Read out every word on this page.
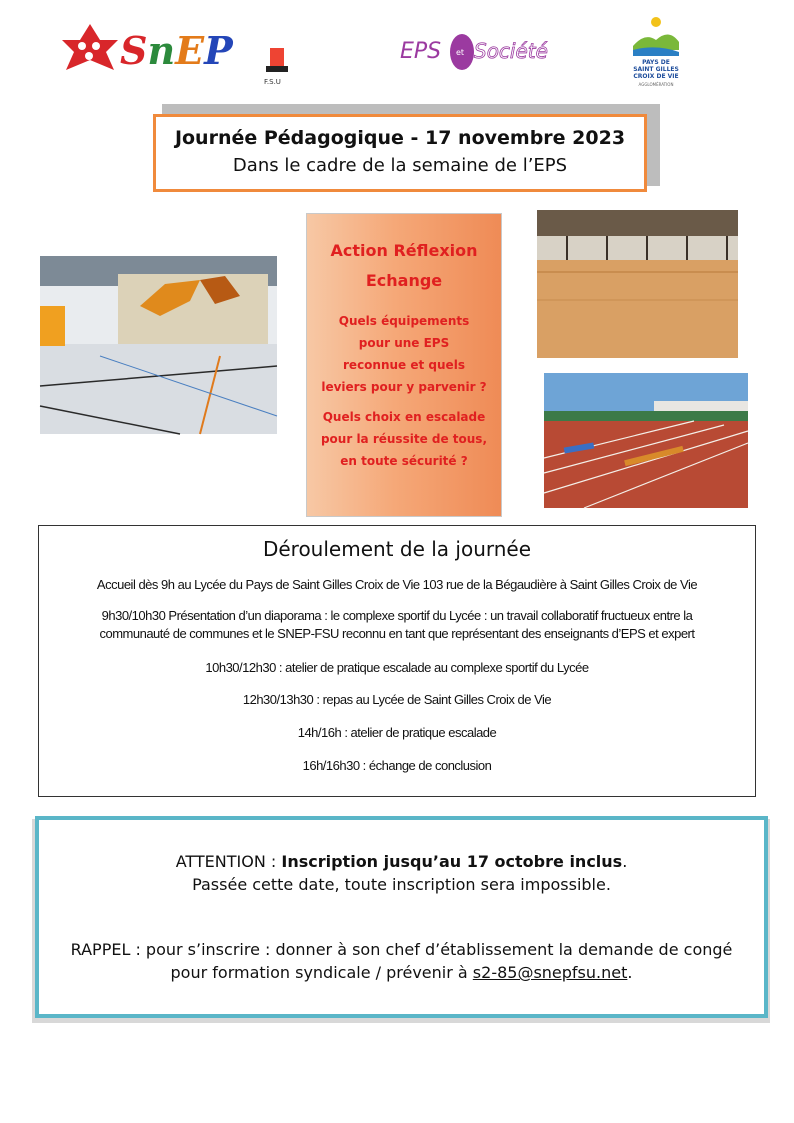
SnEP
F.S.U
EPS et Société	PAYS DE
SAINT GILLES
CROIX DE VIE
AGGLOMÉRATION
Journée Pédagogique - 17 novembre 2023
Dans le cadre de la semaine de l’EPS
Action Réflexion
Echange
Quels équipements
pour une EPS
reconnue et quels
leviers pour y parvenir ?
Quels choix en escalade
pour la réussite de tous,
en toute sécurité ?
Déroulement de la journée
Accueil dès 9h au Lycée du Pays de Saint Gilles Croix de Vie 103 rue de la Bégaudière à Saint Gilles Croix de Vie
9h30/10h30 Présentation d’un diaporama : le complexe sportif du Lycée : un travail collaboratif fructueux entre la
communauté de communes et le SNEP-FSU reconnu en tant que représentant des enseignants d’EPS et expert
10h30/12h30 : atelier de pratique escalade au complexe sportif du Lycée
12h30/13h30 : repas au Lycée de Saint Gilles Croix de Vie
14h/16h : atelier de pratique escalade
16h/16h30 : échange de conclusion
ATTENTION : Inscription jusqu’au 17 octobre inclus.
Passée cette date, toute inscription sera impossible.
RAPPEL : pour s’inscrire : donner à son chef d’établissement la demande de congé
pour formation syndicale / prévenir à s2-85@snepfsu.net.
